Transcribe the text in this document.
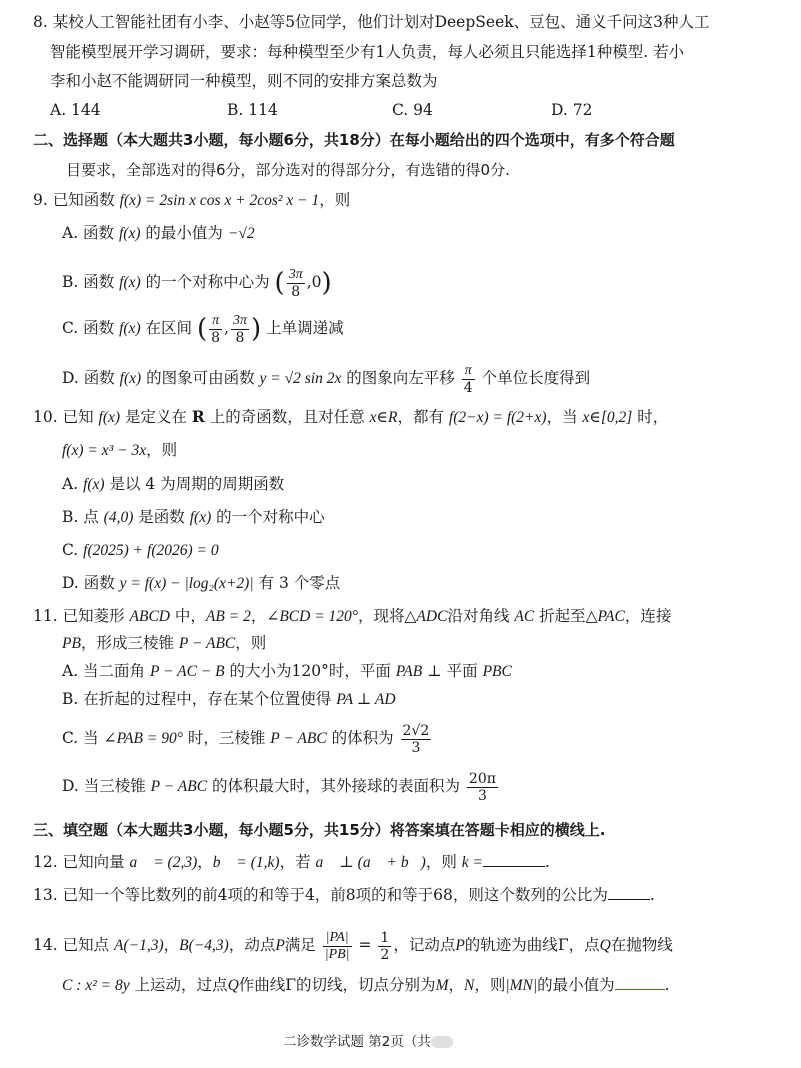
8. 某校人工智能社团有小李、小赵等5位同学，他们计划对DeepSeek、豆包、通义千问这3种人工
智能模型展开学习调研，要求：每种模型至少有1人负责，每人必须且只能选择1种模型. 若小
李和小赵不能调研同一种模型，则不同的安排方案总数为
A. 144	B. 114	C. 94	D. 72
二、选择题（本大题共3小题，每小题6分，共18分）在每小题给出的四个选项中，有多个符合题
目要求，全部选对的得6分，部分选对的得部分分，有选错的得0分.
9. 已知函数 f(x) = 2sin x cos x + 2cos² x − 1，则
A. 函数 f(x) 的最小值为 −√2
B. 函数 f(x) 的一个对称中心为 ( $\frac{3\pi}{8} ,0$)
C. 函数 f(x) 在区间 ( $\frac{\pi}{8}$ , $\frac{3\pi}{8}$ ) 上单调递减
D. 函数 f(x) 的图象可由函数 y = √2 sin 2x 的图象向左平移 $\frac{\pi}{4}$ 个单位长度得到
10. 已知 f(x) 是定义在 R 上的奇函数，且对任意 x∈R，都有 f(2−x) = f(2+x)，当 x∈[0,2] 时，
f(x) = x³ − 3x，则
A. f(x) 是以 4 为周期的周期函数
B. 点 (4,0) 是函数 f(x) 的一个对称中心
C. f(2025) + f(2026) = 0
D. 函数 y = f(x) − |log₂(x+2)| 有 3 个零点
11. 已知菱形 ABCD 中，AB = 2，∠BCD = 120°，现将△ADC沿对角线 AC 折起至△PAC，连接
PB，形成三棱锥 P − ABC，则
A. 当二面角 P − AC − B 的大小为120°时，平面 PAB ⊥ 平面 PBC
B. 在折起的过程中，存在某个位置使得 PA ⊥ AD
C. 当 ∠PAB = 90° 时，三棱锥 P − ABC 的体积为 $\frac{2√2}{3}$
D. 当三棱锥 P − ABC 的体积最大时，其外接球的表面积为 $\frac{20\pi}{3}$
三、填空题（本大题共3小题，每小题5分，共15分）将答案填在答题卡相应的横线上.
12. 已知向量 a⃗ = (2,3)，b⃗ = (1,k)，若 a⃗ ⊥ (a⃗ + b⃗)，则 k =	.
13. 已知一个等比数列的前4项的和等于4，前8项的和等于68，则这个数列的公比为	.
14. 已知点 A(−1,3)，B(−4,3)，动点P满足 $\frac{|PA|}{|PB|} = \frac{1}{2}$ ，记动点P的轨迹为曲线Γ，点Q在抛物线
C : x² = 8y 上运动，过点Q作曲线Γ的切线，切点分别为M，N，则|MN|的最小值为	.
二诊数学试题 第2页（共
